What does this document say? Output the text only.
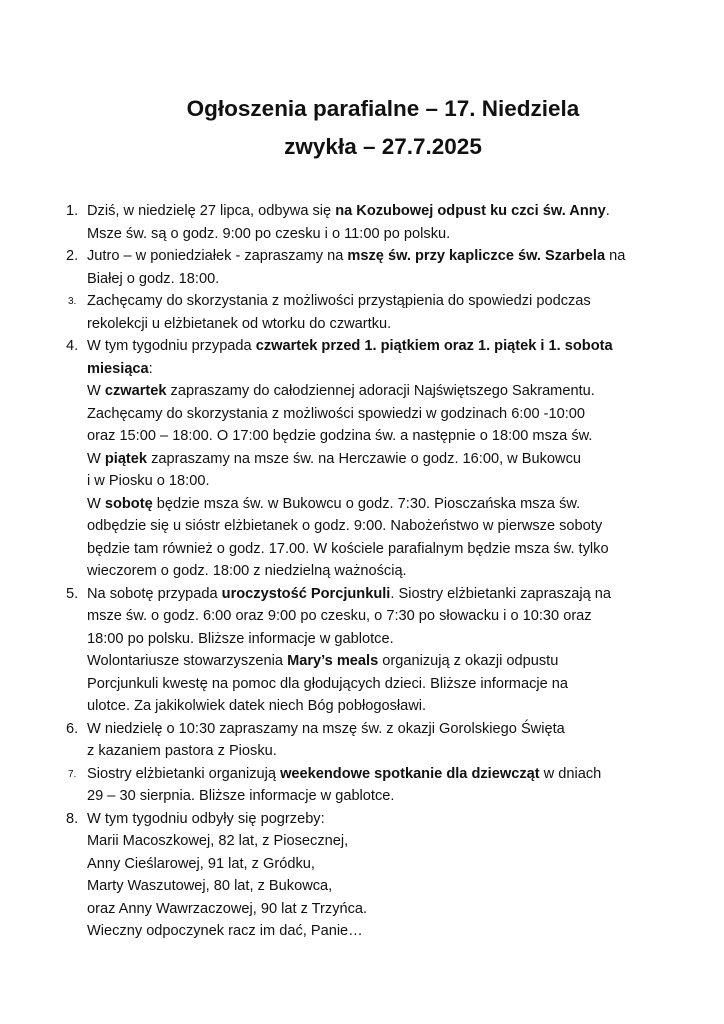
Ogłoszenia parafialne – 17. Niedziela
zwykła – 27.7.2025
1. Dziś, w niedzielę 27 lipca, odbywa się na Kozubowej odpust ku czci św. Anny.
Msze św. są o godz. 9:00 po czesku i o 11:00 po polsku.
2. Jutro – w poniedziałek - zapraszamy na mszę św. przy kapliczce św. Szarbela na
Białej o godz. 18:00.
3. Zachęcamy do skorzystania z możliwości przystąpienia do spowiedzi podczas
rekolekcji u elżbietanek od wtorku do czwartku.
4. W tym tygodniu przypada czwartek przed 1. piątkiem oraz 1. piątek i 1. sobota
miesiąca:
W czwartek zapraszamy do całodziennej adoracji Najświętszego Sakramentu.
Zachęcamy do skorzystania z możliwości spowiedzi w godzinach 6:00 -10:00
oraz 15:00 – 18:00. O 17:00 będzie godzina św. a następnie o 18:00 msza św.
W piątek zapraszamy na msze św. na Herczawie o godz. 16:00, w Bukowcu
i w Piosku o 18:00.
W sobotę będzie msza św. w Bukowcu o godz. 7:30. Piosczańska msza św.
odbędzie się u sióstr elżbietanek o godz. 9:00. Nabożeństwo w pierwsze soboty
będzie tam również o godz. 17.00. W kościele parafialnym będzie msza św. tylko
wieczorem o godz. 18:00 z niedzielną ważnością.
5. Na sobotę przypada uroczystość Porcjunkuli. Siostry elżbietanki zapraszają na
msze św. o godz. 6:00 oraz 9:00 po czesku, o 7:30 po słowacku i o 10:30 oraz
18:00 po polsku. Bliższe informacje w gablotce.
Wolontariusze stowarzyszenia Mary’s meals organizują z okazji odpustu
Porcjunkuli kwestę na pomoc dla głodujących dzieci. Bliższe informacje na
ulotce. Za jakikolwiek datek niech Bóg pobłogosławi.
6. W niedzielę o 10:30 zapraszamy na mszę św. z okazji Gorolskiego Święta
z kazaniem pastora z Piosku.
7. Siostry elżbietanki organizują weekendowe spotkanie dla dziewcząt w dniach
29 – 30 sierpnia. Bliższe informacje w gablotce.
8. W tym tygodniu odbyły się pogrzeby:
Marii Macoszkowej, 82 lat, z Piosecznej,
Anny Cieślarowej, 91 lat, z Gródku,
Marty Waszutowej, 80 lat, z Bukowca,
oraz Anny Wawrzaczowej, 90 lat z Trzyńca.
Wieczny odpoczynek racz im dać, Panie…
